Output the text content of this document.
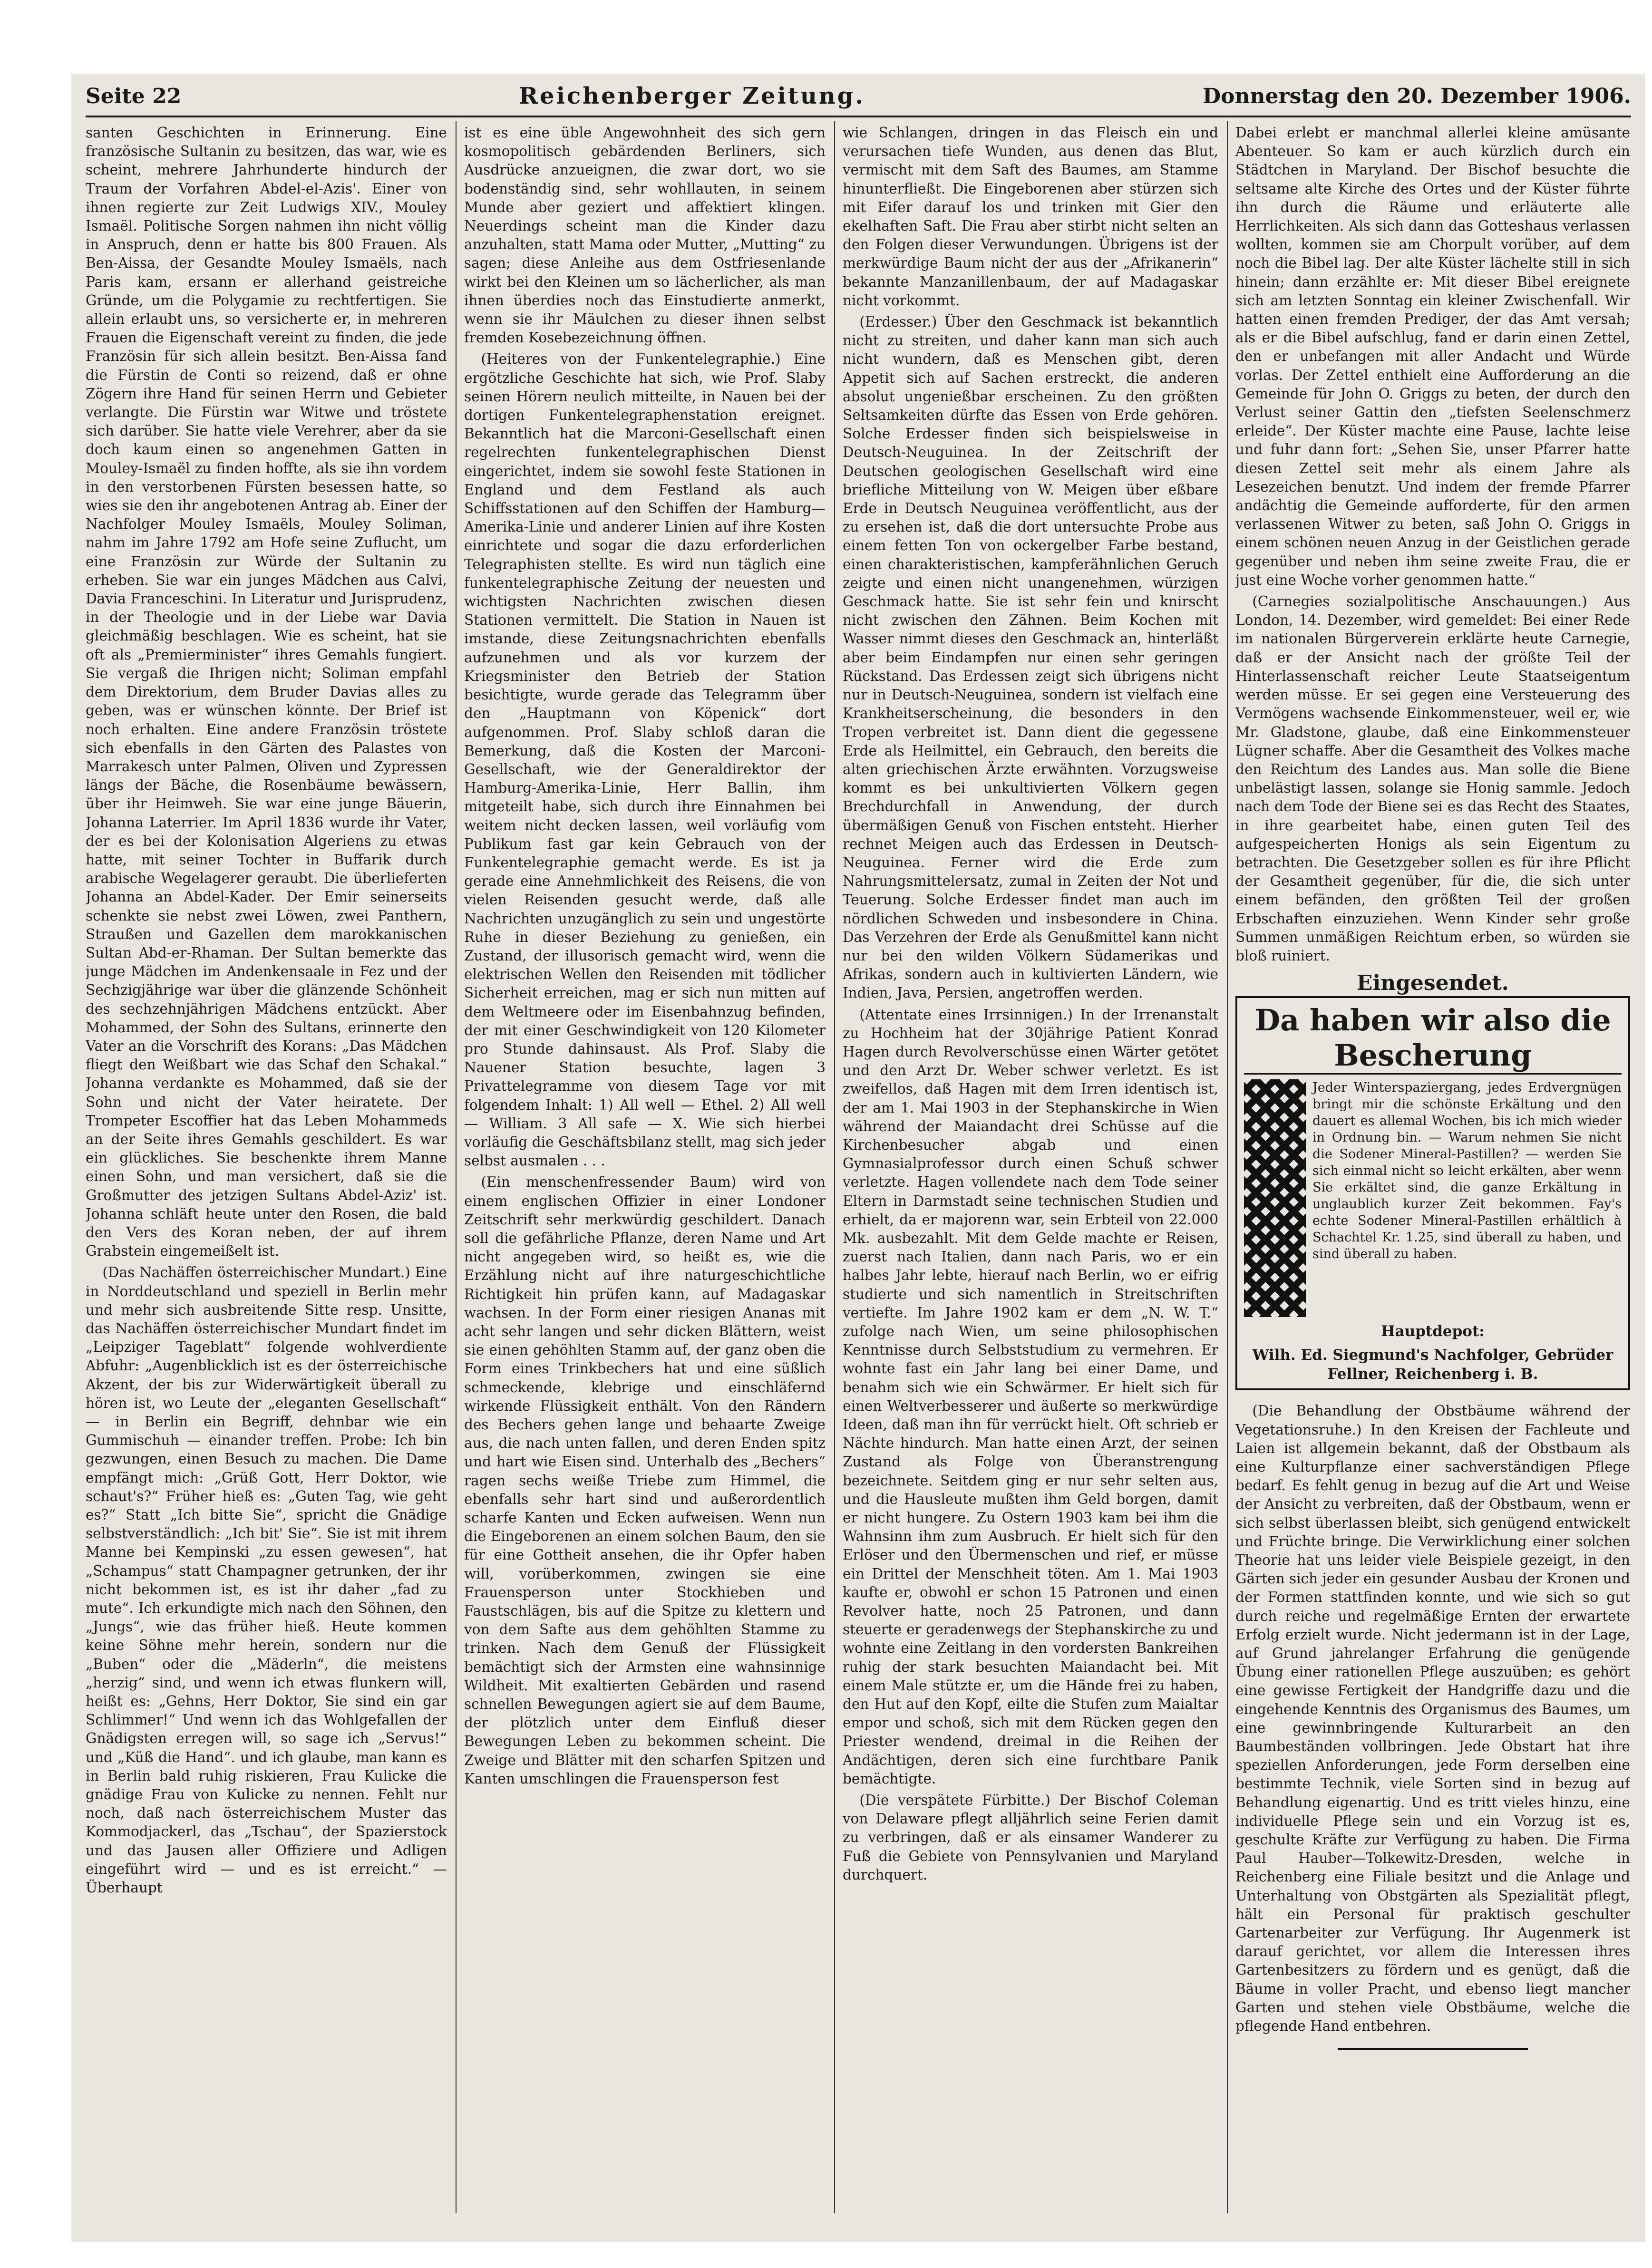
Seite 22	Reichenberger Zeitung.	Donnerstag den 20. Dezember 1906.

santen Geschichten in Erinnerung. Eine französische Sultanin zu besitzen, das war, wie es scheint, mehrere Jahrhunderte hindurch der Traum der Vorfahren Abdel-el-Azis'. Einer von ihnen regierte zur Zeit Ludwigs XIV., Mouley Ismaël. Politische Sorgen nahmen ihn nicht völlig in Anspruch, denn er hatte bis 800 Frauen. Als Ben-Aissa, der Gesandte Mouley Ismaëls, nach Paris kam, ersann er allerhand geistreiche Gründe, um die Polygamie zu rechtfertigen. Sie allein erlaubt uns, so versicherte er, in mehreren Frauen die Eigenschaft vereint zu finden, die jede Französin für sich allein besitzt. Ben-Aissa fand die Fürstin de Conti so reizend, daß er ohne Zögern ihre Hand für seinen Herrn und Gebieter verlangte. Die Fürstin war Witwe und tröstete sich darüber. Sie hatte viele Verehrer, aber da sie doch kaum einen so angenehmen Gatten in Mouley-Ismaël zu finden hoffte, als sie ihn vordem in den verstorbenen Fürsten besessen hatte, so wies sie den ihr angebotenen Antrag ab. Einer der Nachfolger Mouley Ismaëls, Mouley Soliman, nahm im Jahre 1792 am Hofe seine Zuflucht, um eine Französin zur Würde der Sultanin zu erheben. Sie war ein junges Mädchen aus Calvi, Davia Franceschini. In Literatur und Jurisprudenz, in der Theologie und in der Liebe war Davia gleichmäßig beschlagen. Wie es scheint, hat sie oft als „Premierminister“ ihres Gemahls fungiert. Sie vergaß die Ihrigen nicht; Soliman empfahl dem Direktorium, dem Bruder Davias alles zu geben, was er wünschen könnte. Der Brief ist noch erhalten. Eine andere Französin tröstete sich ebenfalls in den Gärten des Palastes von Marrakesch unter Palmen, Oliven und Zypressen längs der Bäche, die Rosenbäume bewässern, über ihr Heimweh. Sie war eine junge Bäuerin, Johanna Laterrier. Im April 1836 wurde ihr Vater, der es bei der Kolonisation Algeriens zu etwas hatte, mit seiner Tochter in Buffarik durch arabische Wegelagerer geraubt. Die überlieferten Johanna an Abdel-Kader. Der Emir seinerseits schenkte sie nebst zwei Löwen, zwei Panthern, Straußen und Gazellen dem marokkanischen Sultan Abd-er-Rhaman. Der Sultan bemerkte das junge Mädchen im Andenkensaale in Fez und der Sechzigjährige war über die glänzende Schönheit des sechzehnjährigen Mädchens entzückt. Aber Mohammed, der Sohn des Sultans, erinnerte den Vater an die Vorschrift des Korans: „Das Mädchen fliegt den Weißbart wie das Schaf den Schakal.“ Johanna verdankte es Mohammed, daß sie der Sohn und nicht der Vater heiratete. Der Trompeter Escoffier hat das Leben Mohammeds an der Seite ihres Gemahls geschildert. Es war ein glückliches. Sie beschenkte ihrem Manne einen Sohn, und man versichert, daß sie die Großmutter des jetzigen Sultans Abdel-Aziz' ist. Johanna schläft heute unter den Rosen, die bald den Vers des Koran neben, der auf ihrem Grabstein eingemeißelt ist.

(Das Nachäffen österreichischer Mundart.) Eine in Norddeutschland und speziell in Berlin mehr und mehr sich ausbreitende Sitte resp. Unsitte, das Nachäffen österreichischer Mundart findet im „Leipziger Tageblatt“ folgende wohlverdiente Abfuhr: „Augenblicklich ist es der österreichische Akzent, der bis zur Widerwärtigkeit überall zu hören ist, wo Leute der „eleganten Gesellschaft“ — in Berlin ein Begriff, dehnbar wie ein Gummischuh — einander treffen. Probe: Ich bin gezwungen, einen Besuch zu machen. Die Dame empfängt mich: „Grüß Gott, Herr Doktor, wie schaut's?“ Früher hieß es: „Guten Tag, wie geht es?“ Statt „Ich bitte Sie“, spricht die Gnädige selbstverständlich: „Ich bit' Sie“. Sie ist mit ihrem Manne bei Kempinski „zu essen gewesen“, hat „Schampus“ statt Champagner getrunken, der ihr nicht bekommen ist, es ist ihr daher „fad zu mute“. Ich erkundigte mich nach den Söhnen, den „Jungs“, wie das früher hieß. Heute kommen keine Söhne mehr herein, sondern nur die „Buben“ oder die „Mäderln“, die meistens „herzig“ sind, und wenn ich etwas flunkern will, heißt es: „Gehns, Herr Doktor, Sie sind ein gar Schlimmer!“ Und wenn ich das Wohlgefallen der Gnädigsten erregen will, so sage ich „Servus!“ und „Küß die Hand“. und ich glaube, man kann es in Berlin bald ruhig riskieren, Frau Kulicke die gnädige Frau von Kulicke zu nennen. Fehlt nur noch, daß nach österreichischem Muster das Kommodjackerl, das „Tschau“, der Spazierstock und das Jausen aller Offiziere und Adligen eingeführt wird — und es ist erreicht.“ — Überhaupt

ist es eine üble Angewohnheit des sich gern kosmopolitisch gebärdenden Berliners, sich Ausdrücke anzueignen, die zwar dort, wo sie bodenständig sind, sehr wohllauten, in seinem Munde aber geziert und affektiert klingen. Neuerdings scheint man die Kinder dazu anzuhalten, statt Mama oder Mutter, „Mutting“ zu sagen; diese Anleihe aus dem Ostfriesenlande wirkt bei den Kleinen um so lächerlicher, als man ihnen überdies noch das Einstudierte anmerkt, wenn sie ihr Mäulchen zu dieser ihnen selbst fremden Kosebezeichnung öffnen.

(Heiteres von der Funkentelegraphie.) Eine ergötzliche Geschichte hat sich, wie Prof. Slaby seinen Hörern neulich mitteilte, in Nauen bei der dortigen Funkentelegraphenstation ereignet. Bekanntlich hat die Marconi-Gesellschaft einen regelrechten funkentelegraphischen Dienst eingerichtet, indem sie sowohl feste Stationen in England und dem Festland als auch Schiffsstationen auf den Schiffen der Hamburg—Amerika-Linie und anderer Linien auf ihre Kosten einrichtete und sogar die dazu erforderlichen Telegraphisten stellte. Es wird nun täglich eine funkentelegraphische Zeitung der neuesten und wichtigsten Nachrichten zwischen diesen Stationen vermittelt. Die Station in Nauen ist imstande, diese Zeitungsnachrichten ebenfalls aufzunehmen und als vor kurzem der Kriegsminister den Betrieb der Station besichtigte, wurde gerade das Telegramm über den „Hauptmann von Köpenick“ dort aufgenommen. Prof. Slaby schloß daran die Bemerkung, daß die Kosten der Marconi-Gesellschaft, wie der Generaldirektor der Hamburg-Amerika-Linie, Herr Ballin, ihm mitgeteilt habe, sich durch ihre Einnahmen bei weitem nicht decken lassen, weil vorläufig vom Publikum fast gar kein Gebrauch von der Funkentelegraphie gemacht werde. Es ist ja gerade eine Annehmlichkeit des Reisens, die von vielen Reisenden gesucht werde, daß alle Nachrichten unzugänglich zu sein und ungestörte Ruhe in dieser Beziehung zu genießen, ein Zustand, der illusorisch gemacht wird, wenn die elektrischen Wellen den Reisenden mit tödlicher Sicherheit erreichen, mag er sich nun mitten auf dem Weltmeere oder im Eisenbahnzug befinden, der mit einer Geschwindigkeit von 120 Kilometer pro Stunde dahinsaust. Als Prof. Slaby die Nauener Station besuchte, lagen 3 Privattelegramme von diesem Tage vor mit folgendem Inhalt: 1) All well — Ethel. 2) All well — William. 3 All safe — X. Wie sich hierbei vorläufig die Geschäftsbilanz stellt, mag sich jeder selbst ausmalen . . .

(Ein menschenfressender Baum) wird von einem englischen Offizier in einer Londoner Zeitschrift sehr merkwürdig geschildert. Danach soll die gefährliche Pflanze, deren Name und Art nicht angegeben wird, so heißt es, wie die Erzählung nicht auf ihre naturgeschichtliche Richtigkeit hin prüfen kann, auf Madagaskar wachsen. In der Form einer riesigen Ananas mit acht sehr langen und sehr dicken Blättern, weist sie einen gehöhlten Stamm auf, der ganz oben die Form eines Trinkbechers hat und eine süßlich schmeckende, klebrige und einschläfernd wirkende Flüssigkeit enthält. Von den Rändern des Bechers gehen lange und behaarte Zweige aus, die nach unten fallen, und deren Enden spitz und hart wie Eisen sind. Unterhalb des „Bechers“ ragen sechs weiße Triebe zum Himmel, die ebenfalls sehr hart sind und außerordentlich scharfe Kanten und Ecken aufweisen. Wenn nun die Eingeborenen an einem solchen Baum, den sie für eine Gottheit ansehen, die ihr Opfer haben will, vorüberkommen, zwingen sie eine Frauensperson unter Stockhieben und Faustschlägen, bis auf die Spitze zu klettern und von dem Safte aus dem gehöhlten Stamme zu trinken. Nach dem Genuß der Flüssigkeit bemächtigt sich der Armsten eine wahnsinnige Wildheit. Mit exaltierten Gebärden und rasend schnellen Bewegungen agiert sie auf dem Baume, der plötzlich unter dem Einfluß dieser Bewegungen Leben zu bekommen scheint. Die Zweige und Blätter mit den scharfen Spitzen und Kanten umschlingen die Frauensperson fest

wie Schlangen, dringen in das Fleisch ein und verursachen tiefe Wunden, aus denen das Blut, vermischt mit dem Saft des Baumes, am Stamme hinunterfließt. Die Eingeborenen aber stürzen sich mit Eifer darauf los und trinken mit Gier den ekelhaften Saft. Die Frau aber stirbt nicht selten an den Folgen dieser Verwundungen. Übrigens ist der merkwürdige Baum nicht der aus der „Afrikanerin“ bekannte Manzanillenbaum, der auf Madagaskar nicht vorkommt.

(Erdesser.) Über den Geschmack ist bekanntlich nicht zu streiten, und daher kann man sich auch nicht wundern, daß es Menschen gibt, deren Appetit sich auf Sachen erstreckt, die anderen absolut ungenießbar erscheinen. Zu den größten Seltsamkeiten dürfte das Essen von Erde gehören. Solche Erdesser finden sich beispielsweise in Deutsch-Neuguinea. In der Zeitschrift der Deutschen geologischen Gesellschaft wird eine briefliche Mitteilung von W. Meigen über eßbare Erde in Deutsch Neuguinea veröffentlicht, aus der zu ersehen ist, daß die dort untersuchte Probe aus einem fetten Ton von ockergelber Farbe bestand, einen charakteristischen, kampferähnlichen Geruch zeigte und einen nicht unangenehmen, würzigen Geschmack hatte. Sie ist sehr fein und knirscht nicht zwischen den Zähnen. Beim Kochen mit Wasser nimmt dieses den Geschmack an, hinterläßt aber beim Eindampfen nur einen sehr geringen Rückstand. Das Erdessen zeigt sich übrigens nicht nur in Deutsch-Neuguinea, sondern ist vielfach eine Krankheitserscheinung, die besonders in den Tropen verbreitet ist. Dann dient die gegessene Erde als Heilmittel, ein Gebrauch, den bereits die alten griechischen Ärzte erwähnten. Vorzugsweise kommt es bei unkultivierten Völkern gegen Brechdurchfall in Anwendung, der durch übermäßigen Genuß von Fischen entsteht. Hierher rechnet Meigen auch das Erdessen in Deutsch-Neuguinea. Ferner wird die Erde zum Nahrungsmittelersatz, zumal in Zeiten der Not und Teuerung. Solche Erdesser findet man auch im nördlichen Schweden und insbesondere in China. Das Verzehren der Erde als Genußmittel kann nicht nur bei den wilden Völkern Südamerikas und Afrikas, sondern auch in kultivierten Ländern, wie Indien, Java, Persien, angetroffen werden.

(Attentate eines Irrsinnigen.) In der Irrenanstalt zu Hochheim hat der 30jährige Patient Konrad Hagen durch Revolverschüsse einen Wärter getötet und den Arzt Dr. Weber schwer verletzt. Es ist zweifellos, daß Hagen mit dem Irren identisch ist, der am 1. Mai 1903 in der Stephanskirche in Wien während der Maiandacht drei Schüsse auf die Kirchenbesucher abgab und einen Gymnasialprofessor durch einen Schuß schwer verletzte. Hagen vollendete nach dem Tode seiner Eltern in Darmstadt seine technischen Studien und erhielt, da er majorenn war, sein Erbteil von 22.000 Mk. ausbezahlt. Mit dem Gelde machte er Reisen, zuerst nach Italien, dann nach Paris, wo er ein halbes Jahr lebte, hierauf nach Berlin, wo er eifrig studierte und sich namentlich in Streitschriften vertiefte. Im Jahre 1902 kam er dem „N. W. T.“ zufolge nach Wien, um seine philosophischen Kenntnisse durch Selbststudium zu vermehren. Er wohnte fast ein Jahr lang bei einer Dame, und benahm sich wie ein Schwärmer. Er hielt sich für einen Weltverbesserer und äußerte so merkwürdige Ideen, daß man ihn für verrückt hielt. Oft schrieb er Nächte hindurch. Man hatte einen Arzt, der seinen Zustand als Folge von Überanstrengung bezeichnete. Seitdem ging er nur sehr selten aus, und die Hausleute mußten ihm Geld borgen, damit er nicht hungere. Zu Ostern 1903 kam bei ihm die Wahnsinn ihm zum Ausbruch. Er hielt sich für den Erlöser und den Übermenschen und rief, er müsse ein Drittel der Menschheit töten. Am 1. Mai 1903 kaufte er, obwohl er schon 15 Patronen und einen Revolver hatte, noch 25 Patronen, und dann steuerte er geradenwegs der Stephanskirche zu und wohnte eine Zeitlang in den vordersten Bankreihen ruhig der stark besuchten Maiandacht bei. Mit einem Male stützte er, um die Hände frei zu haben, den Hut auf den Kopf, eilte die Stufen zum Maialtar empor und schoß, sich mit dem Rücken gegen den Priester wendend, dreimal in die Reihen der Andächtigen, deren sich eine furchtbare Panik bemächtigte.

(Die verspätete Fürbitte.) Der Bischof Coleman von Delaware pflegt alljährlich seine Ferien damit zu verbringen, daß er als einsamer Wanderer zu Fuß die Gebiete von Pennsylvanien und Maryland durchquert.

Dabei erlebt er manchmal allerlei kleine amüsante Abenteuer. So kam er auch kürzlich durch ein Städtchen in Maryland. Der Bischof besuchte die seltsame alte Kirche des Ortes und der Küster führte ihn durch die Räume und erläuterte alle Herrlichkeiten. Als sich dann das Gotteshaus verlassen wollten, kommen sie am Chorpult vorüber, auf dem noch die Bibel lag. Der alte Küster lächelte still in sich hinein; dann erzählte er: Mit dieser Bibel ereignete sich am letzten Sonntag ein kleiner Zwischenfall. Wir hatten einen fremden Prediger, der das Amt versah; als er die Bibel aufschlug, fand er darin einen Zettel, den er unbefangen mit aller Andacht und Würde vorlas. Der Zettel enthielt eine Aufforderung an die Gemeinde für John O. Griggs zu beten, der durch den Verlust seiner Gattin den „tiefsten Seelenschmerz erleide“. Der Küster machte eine Pause, lachte leise und fuhr dann fort: „Sehen Sie, unser Pfarrer hatte diesen Zettel seit mehr als einem Jahre als Lesezeichen benutzt. Und indem der fremde Pfarrer andächtig die Gemeinde aufforderte, für den armen verlassenen Witwer zu beten, saß John O. Griggs in einem schönen neuen Anzug in der Geistlichen gerade gegenüber und neben ihm seine zweite Frau, die er just eine Woche vorher genommen hatte.“

(Carnegies sozialpolitische Anschauungen.) Aus London, 14. Dezember, wird gemeldet: Bei einer Rede im nationalen Bürgerverein erklärte heute Carnegie, daß er der Ansicht nach der größte Teil der Hinterlassenschaft reicher Leute Staatseigentum werden müsse. Er sei gegen eine Versteuerung des Vermögens wachsende Einkommensteuer, weil er, wie Mr. Gladstone, glaube, daß eine Einkommensteuer Lügner schaffe. Aber die Gesamtheit des Volkes mache den Reichtum des Landes aus. Man solle die Biene unbelästigt lassen, solange sie Honig sammle. Jedoch nach dem Tode der Biene sei es das Recht des Staates, in ihre gearbeitet habe, einen guten Teil des aufgespeicherten Honigs als sein Eigentum zu betrachten. Die Gesetzgeber sollen es für ihre Pflicht der Gesamtheit gegenüber, für die, die sich unter einem befänden, den größten Teil der großen Erbschaften einzuziehen. Wenn Kinder sehr große Summen unmäßigen Reichtum erben, so würden sie bloß ruiniert.

Eingesendet.
Da haben wir also die Bescherung
Jeder Winterspaziergang, jedes Erdvergnügen bringt mir die schönste Erkältung und den dauert es allemal Wochen, bis ich mich wieder in Ordnung bin. — Warum nehmen Sie nicht die Sodener Mineral-Pastillen? — werden Sie sich einmal nicht so leicht erkälten, aber wenn Sie erkältet sind, die ganze Erkältung in unglaublich kurzer Zeit bekommen. Fay's echte Sodener Mineral-Pastillen erhältlich à Schachtel Kr. 1.25, sind überall zu haben, und sind überall zu haben.
Hauptdepot:
Wilh. Ed. Siegmund's Nachfolger, Gebrüder Fellner, Reichenberg i. B.

(Die Behandlung der Obstbäume während der Vegetationsruhe.) In den Kreisen der Fachleute und Laien ist allgemein bekannt, daß der Obstbaum als eine Kulturpflanze einer sachverständigen Pflege bedarf. Es fehlt genug in bezug auf die Art und Weise der Ansicht zu verbreiten, daß der Obstbaum, wenn er sich selbst überlassen bleibt, sich genügend entwickelt und Früchte bringe. Die Verwirklichung einer solchen Theorie hat uns leider viele Beispiele gezeigt, in den Gärten sich jeder ein gesunder Ausbau der Kronen und der Formen stattfinden konnte, und wie sich so gut durch reiche und regelmäßige Ernten der erwartete Erfolg erzielt wurde. Nicht jedermann ist in der Lage, auf Grund jahrelanger Erfahrung die genügende Übung einer rationellen Pflege auszuüben; es gehört eine gewisse Fertigkeit der Handgriffe dazu und die eingehende Kenntnis des Organismus des Baumes, um eine gewinnbringende Kulturarbeit an den Baumbeständen vollbringen. Jede Obstart hat ihre speziellen Anforderungen, jede Form derselben eine bestimmte Technik, viele Sorten sind in bezug auf Behandlung eigenartig. Und es tritt vieles hinzu, eine individuelle Pflege sein und ein Vorzug ist es, geschulte Kräfte zur Verfügung zu haben. Die Firma Paul Hauber—Tolkewitz-Dresden, welche in Reichenberg eine Filiale besitzt und die Anlage und Unterhaltung von Obstgärten als Spezialität pflegt, hält ein Personal für praktisch geschulter Gartenarbeiter zur Verfügung. Ihr Augenmerk ist darauf gerichtet, vor allem die Interessen ihres Gartenbesitzers zu fördern und es genügt, daß die Bäume in voller Pracht, und ebenso liegt mancher Garten und stehen viele Obstbäume, welche die pflegende Hand entbehren.
